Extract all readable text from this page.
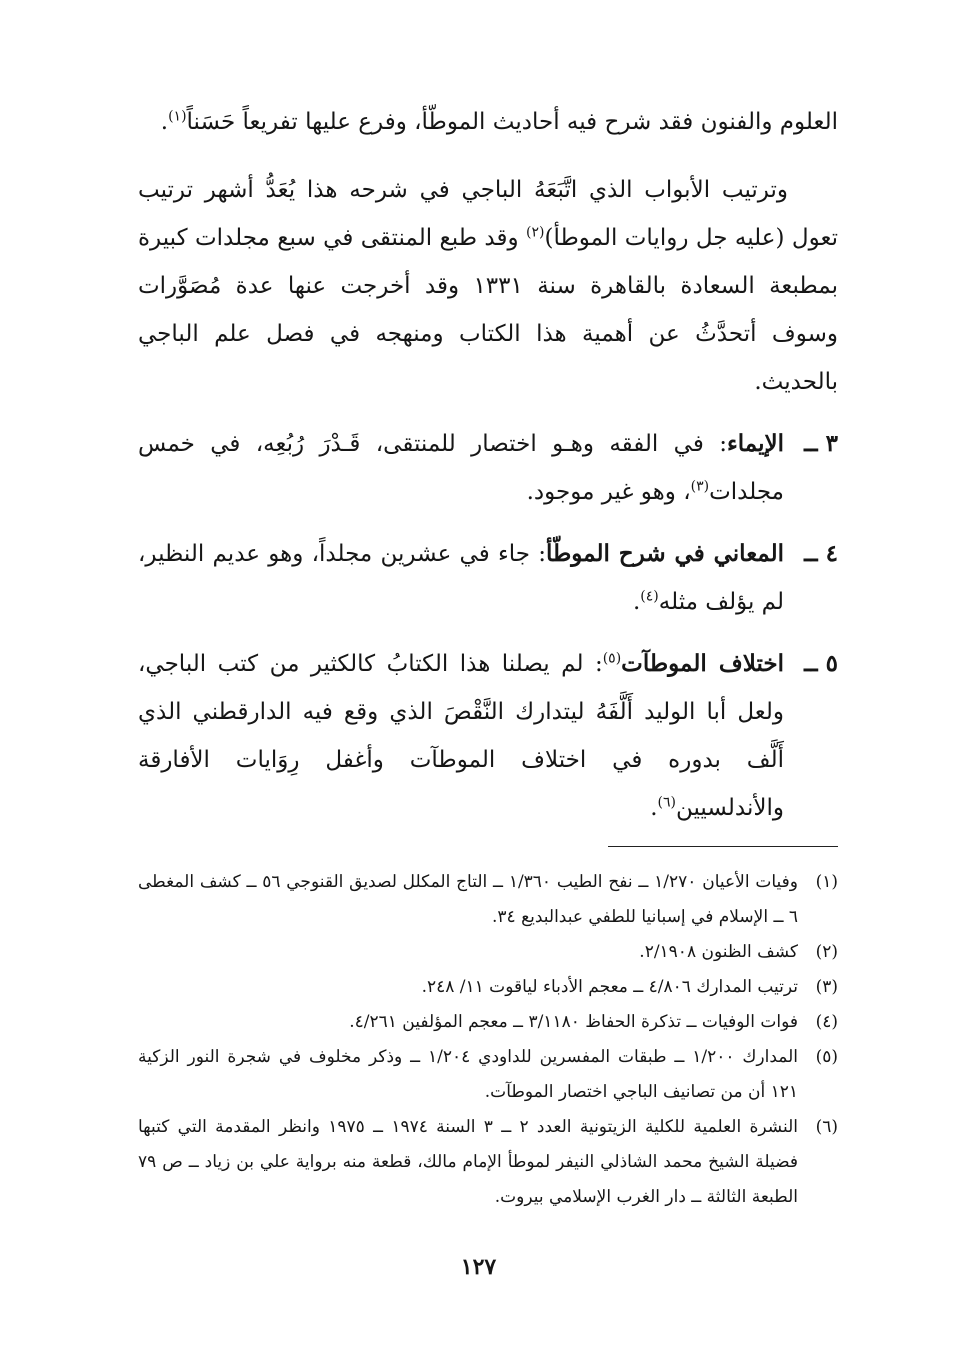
العلوم والفنون فقد شرح فيه أحاديث الموطّأ، وفرع عليها تفريعاً حَسَناً$^{(١)}$.

وترتيب الأبواب الذي اتَّبَعَهُ الباجي في شرحه هذا يُعَدُّ أشهر ترتيب تعول (عليه جل روايات الموطأ)$^{(٢)}$ وقد طبع المنتقى في سبع مجلدات كبيرة بمطبعة السعادة بالقاهرة سنة ١٣٣١ وقد أخرجت عنها عدة مُصَوَّرات وسوف أتحدَّثُ عن أهمية هذا الكتاب ومنهجه في فصل علم الباجي بالحديث.

٣ ــ
الإيماء: في الفقه وهـو اختصار للمنتقى، قَـدْرَ رُبُعِه، في خمس مجلدات$^{(٣)}$، وهو غير موجود.
٤ ــ
المعاني في شرح الموطّأ: جاء في عشرين مجلداً، وهو عديم النظير، لم يؤلف مثله$^{(٤)}$.
٥ ــ
اختلاف الموطآت$^{(٥)}$: لم يصلنا هذا الكتابُ كالكثير من كتب الباجي، ولعل أبا الوليد أَلَّفَهُ ليتدارك النَّقْصَ الذي وقع فيه الدارقطني الذي أَلَّف بدوره في اختلاف الموطآت وأغفل رِوَايات الأفارقة والأندلسيين$^{(٦)}$.
(١)
وفيات الأعيان ١/٢٧٠ ــ نفح الطيب ١/٣٦٠ ــ التاج المكلل لصديق القنوجي ٥٦ ــ كشف المغطى ٦ ــ الإسلام في إسبانيا للطفي عبدالبديع ٣٤.
(٢)
كشف الظنون ٢/١٩٠٨.
(٣)
ترتيب المدارك ٤/٨٠٦ ــ معجم الأدباء لياقوت ١١/ ٢٤٨.
(٤)
فوات الوفيات ــ تذكرة الحفاظ ٣/١١٨٠ ــ معجم المؤلفين ٤/٢٦١.
(٥)
المدارك ١/٢٠٠ ــ طبقات المفسرين للداودي ١/٢٠٤ ــ وذكر مخلوف في شجرة النور الزكية ١٢١ أن من تصانيف الباجي اختصار الموطآت.
(٦)
النشرة العلمية للكلية الزيتونية العدد ٢ ــ ٣ السنة ١٩٧٤ ــ ١٩٧٥ وانظر المقدمة التي كتبها فضيلة الشيخ محمد الشاذلي النيفر لموطأ الإمام مالك، قطعة منه برواية علي بن زياد ــ ص ٧٩ الطبعة الثالثة ــ دار الغرب الإسلامي بيروت.
١٢٧
